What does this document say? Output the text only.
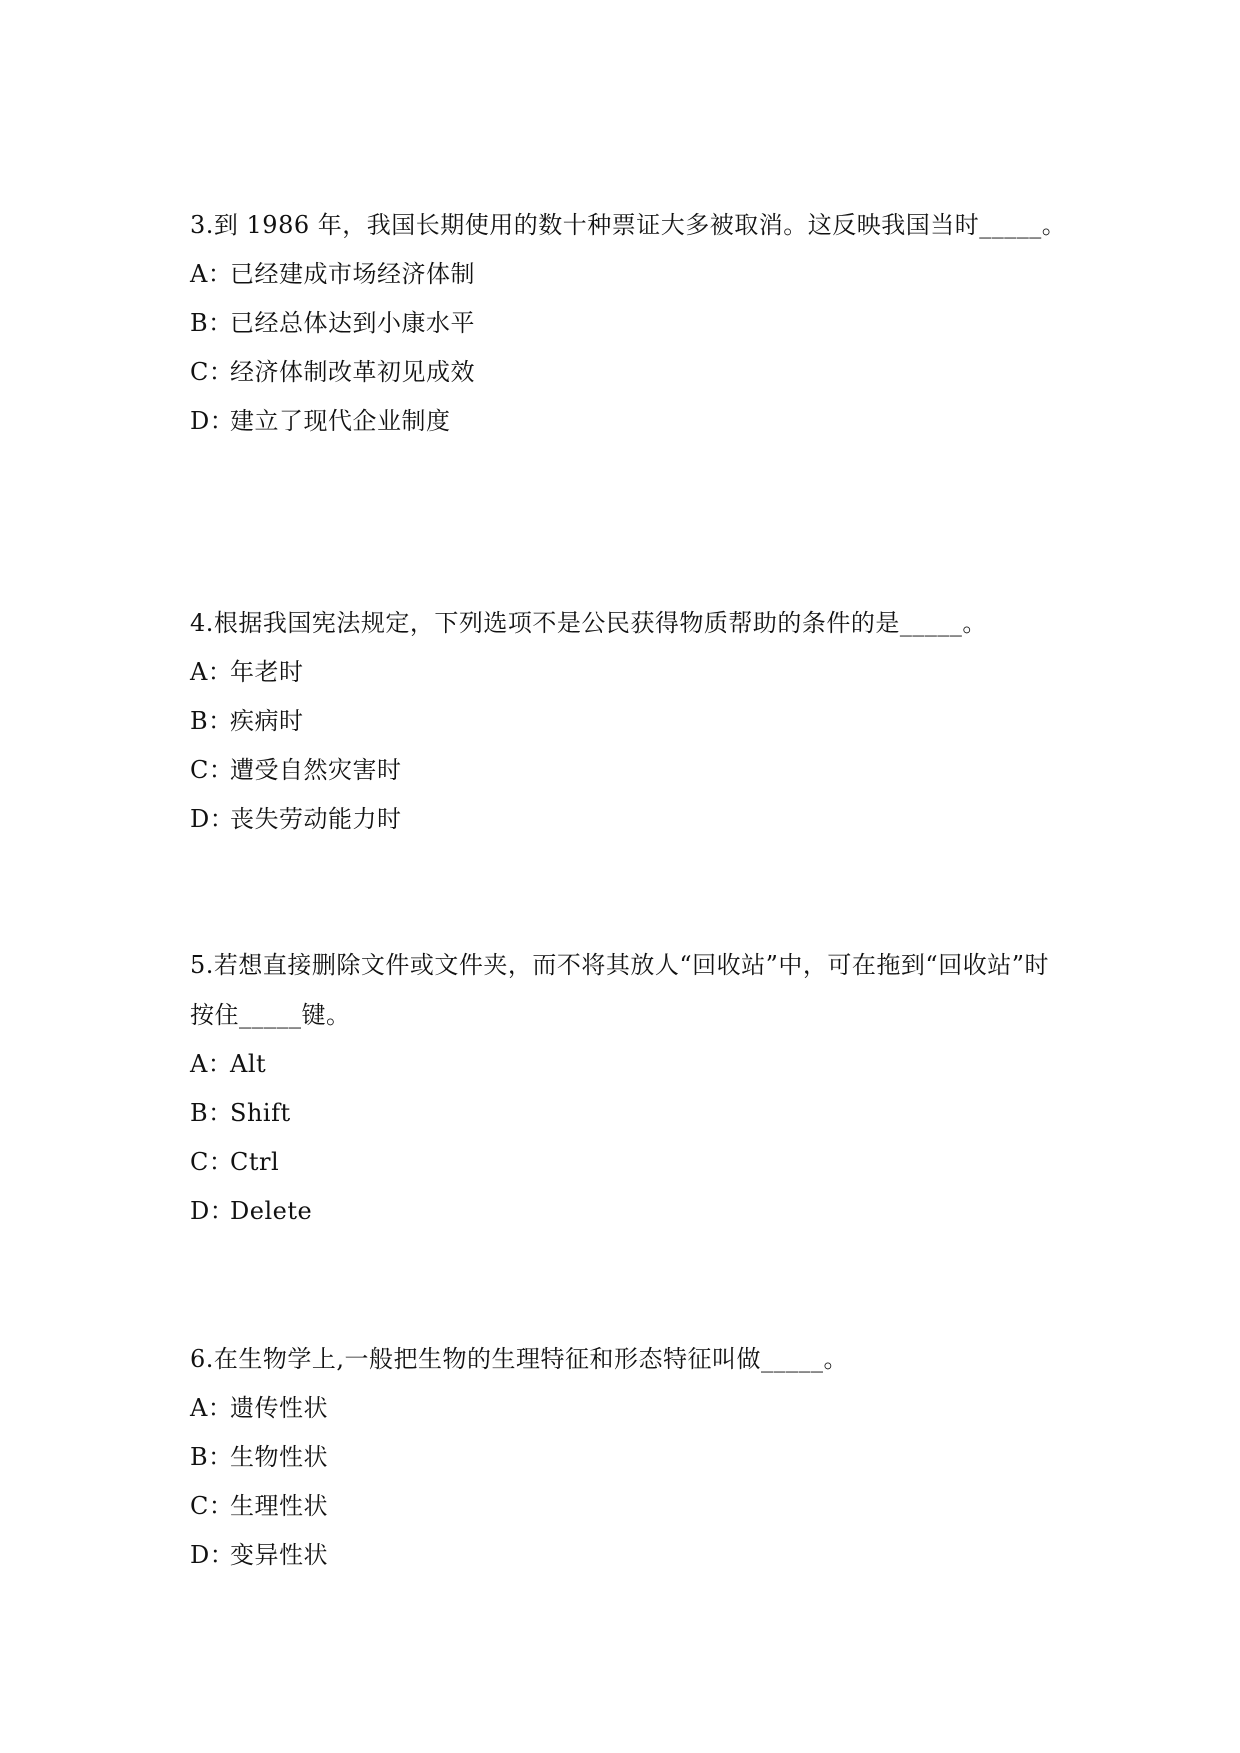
3.到 1986 年，我国长期使用的数十种票证大多被取消。这反映我国当时_____。

A：已经建成市场经济体制

B：已经总体达到小康水平

C：经济体制改革初见成效

D：建立了现代企业制度

4.根据我国宪法规定，下列选项不是公民获得物质帮助的条件的是_____。

A：年老时

B：疾病时

C：遭受自然灾害时

D：丧失劳动能力时

5.若想直接删除文件或文件夹，而不将其放人“回收站”中，可在拖到“回收站”时按住_____键。

A：Alt

B：Shift

C：Ctrl

D：Delete

6.在生物学上,一般把生物的生理特征和形态特征叫做_____。

A：遗传性状

B：生物性状

C：生理性状

D：变异性状
